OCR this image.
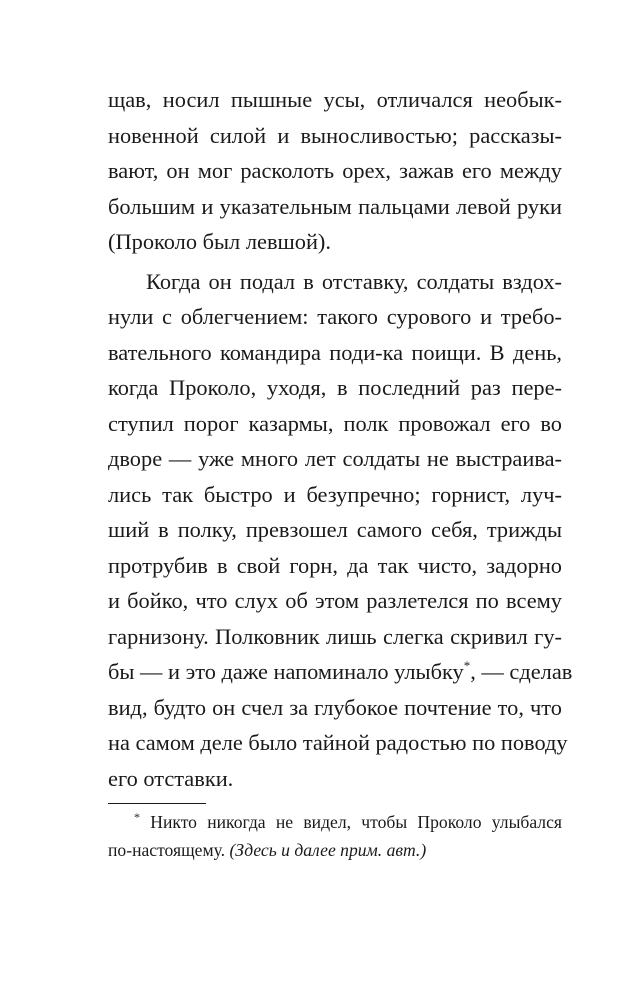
щав, носил пышные усы, отличался необык-
новенной силой и выносливостью; рассказы-
вают, он мог расколоть орех, зажав его между
большим и указательным пальцами левой руки
(Проколо был левшой).
Когда он подал в отставку, солдаты вздох-
нули с облегчением: такого сурового и требо-
вательного командира поди-ка поищи. В день,
когда Проколо, уходя, в последний раз пере-
ступил порог казармы, полк провожал его во
дворе — уже много лет солдаты не выстраива-
лись так быстро и безупречно; горнист, луч-
ший в полку, превзошел самого себя, трижды
протрубив в свой горн, да так чисто, задорно
и бойко, что слух об этом разлетелся по всему
гарнизону. Полковник лишь слегка скривил гу-
бы — и это даже напоминало улыбку*, — сделав
вид, будто он счел за глубокое почтение то, что
на самом деле было тайной радостью по поводу
его отставки.
* Никто никогда не видел, чтобы Проколо улыбался
по-настоящему. (Здесь и далее прим. авт.)
